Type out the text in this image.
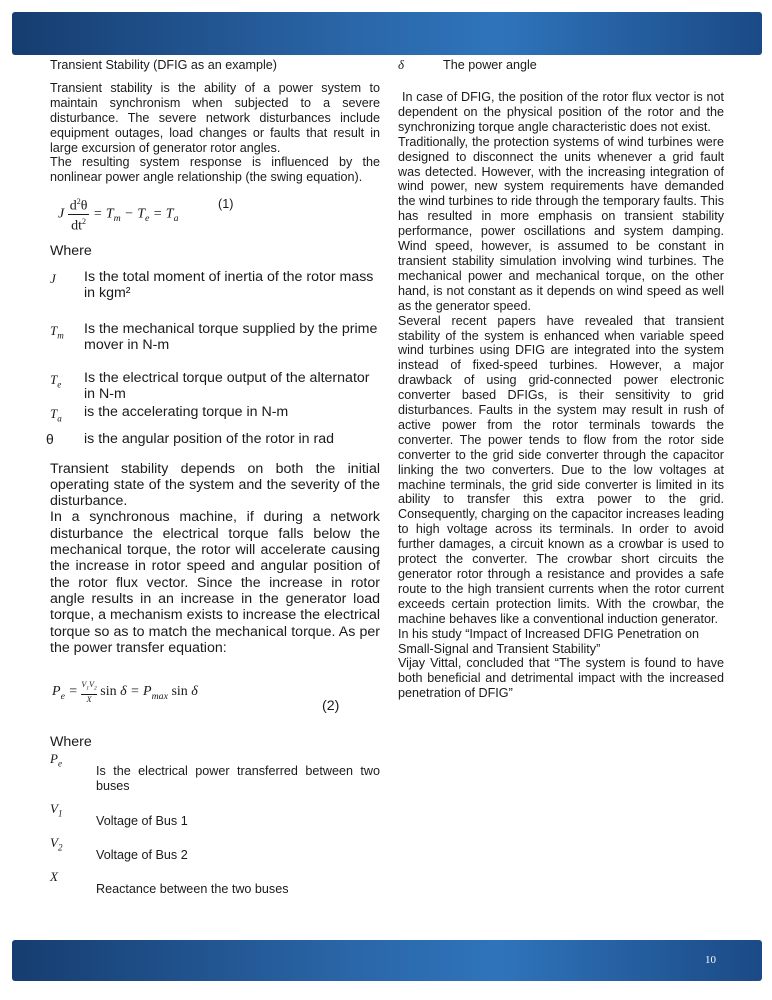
Transient Stability (DFIG as an example)

Transient stability is the ability of a power system to maintain synchronism when subjected to a severe disturbance. The severe network disturbances include equipment outages, load changes or faults that result in large excursion of generator rotor angles.

The resulting system response is influenced by the nonlinear power angle relationship (the swing equation).

J $\frac{d^2\theta}{dt^2} = T_m - T_e = T_a$
(1)

Where

J Is the total moment of inertia of the rotor mass
in kgm²
$T_m$ Is the mechanical torque supplied by the prime
mover in N-m
$T_e$ Is the electrical torque output of the alternator in N-m
$T_a$ is the accelerating torque in N-m
θ is the angular position of the rotor in rad

Transient stability depends on both the initial operating state of the system and the severity of the disturbance.

In a synchronous machine, if during a network disturbance the electrical torque falls below the mechanical torque, the rotor will accelerate causing the increase in rotor speed and angular position of the rotor flux vector. Since the increase in rotor angle results in an increase in the generator load torque, a mechanism exists to increase the electrical torque so as to match the mechanical torque. As per the power transfer equation:

$P_e = \frac{V_1V_2}{X}$ $\sin \delta = P_{max}$ sin δ
(2)

Where

$P_e$
Is the electrical power transferred between two buses
$V_1$
Voltage of Bus 1
$V_2$
Voltage of Bus 2
X
Reactance between the two buses
δ	The power angle

In case of DFIG, the position of the rotor flux vector is not dependent on the physical position of the rotor and the synchronizing torque angle characteristic does not exist.

Traditionally, the protection systems of wind turbines were designed to disconnect the units whenever a grid fault was detected. However, with the increasing integration of wind power, new system requirements have demanded the wind turbines to ride through the temporary faults. This has resulted in more emphasis on transient stability performance, power oscillations and system damping. Wind speed, however, is assumed to be constant in transient stability simulation involving wind turbines. The mechanical power and mechanical torque, on the other hand, is not constant as it depends on wind speed as well as the generator speed.

Several recent papers have revealed that transient stability of the system is enhanced when variable speed wind turbines using DFIG are integrated into the system instead of fixed-speed turbines. However, a major drawback of using grid-connected power electronic converter based DFIGs, is their sensitivity to grid disturbances. Faults in the system may result in rush of active power from the rotor terminals towards the converter. The power tends to flow from the rotor side converter to the grid side converter through the capacitor linking the two converters. Due to the low voltages at machine terminals, the grid side converter is limited in its ability to transfer this extra power to the grid. Consequently, charging on the capacitor increases leading to high voltage across its terminals. In order to avoid further damages, a circuit known as a crowbar is used to protect the converter. The crowbar short circuits the generator rotor through a resistance and provides a safe route to the high transient currents when the rotor current exceeds certain protection limits. With the crowbar, the machine behaves like a conventional induction generator.

In his study “Impact of Increased DFIG Penetration on Small-Signal and Transient Stability”

Vijay Vittal, concluded that “The system is found to have both beneficial and detrimental impact with the increased penetration of DFIG”

10
